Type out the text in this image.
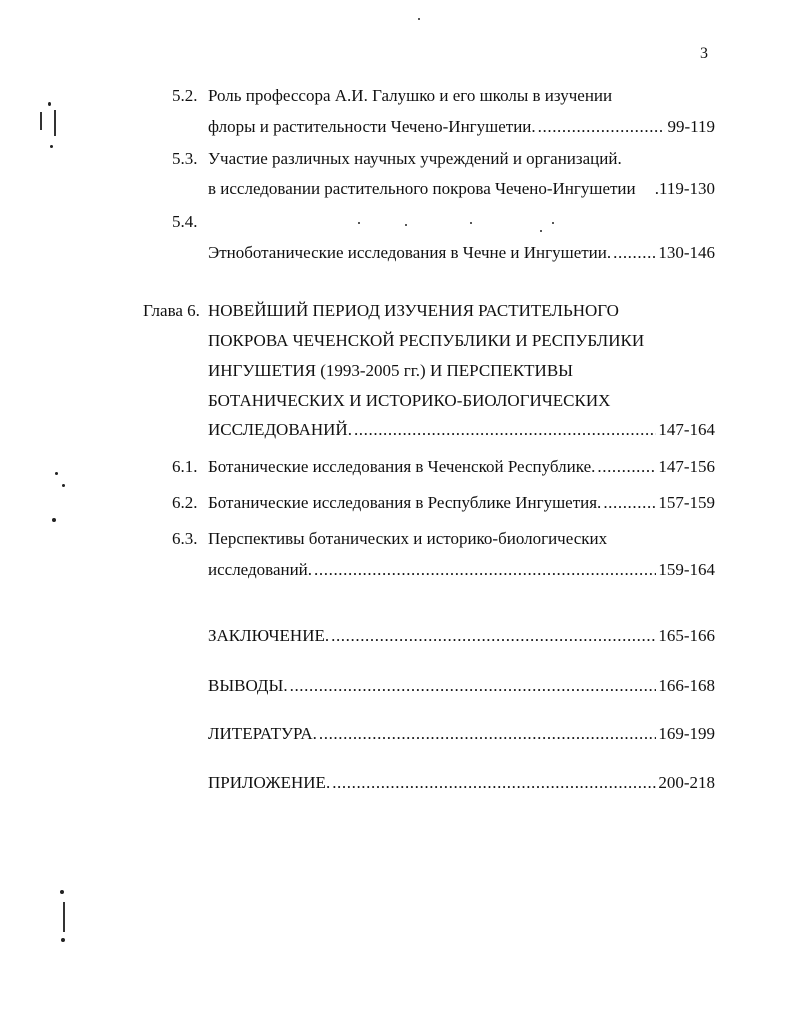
3
5.2. Роль профессора А.И. Галушко и его школы в изучении
флоры и растительности Чечено-Ингушетии. .....	99-119
5.3. Участие различных научных учреждений и организаций.
в исследовании растительного покрова Чечено-Ингушетии .119-130
5.4.
Этноботанические исследования в Чечне и Ингушетии. .....	130-146
Глава 6. НОВЕЙШИЙ ПЕРИОД ИЗУЧЕНИЯ РАСТИТЕЛЬНОГО
ПОКРОВА ЧЕЧЕНСКОЙ РЕСПУБЛИКИ И РЕСПУБЛИКИ
ИНГУШЕТИЯ (1993-2005 гг.) И ПЕРСПЕКТИВЫ
БОТАНИЧЕСКИХ И ИСТОРИКО-БИОЛОГИЧЕСКИХ
ИССЛЕДОВАНИЙ. .....	147-164
6.1. Ботанические исследования в Чеченской Республике. .....	147-156
6.2. Ботанические исследования в Республике Ингушетия. .....	157-159
6.3. Перспективы ботанических и историко-биологических
исследований. .....	159-164
ЗАКЛЮЧЕНИЕ. .....	165-166
ВЫВОДЫ. .....	166-168
ЛИТЕРАТУРА. .....	169-199
ПРИЛОЖЕНИЕ. .....	200-218
